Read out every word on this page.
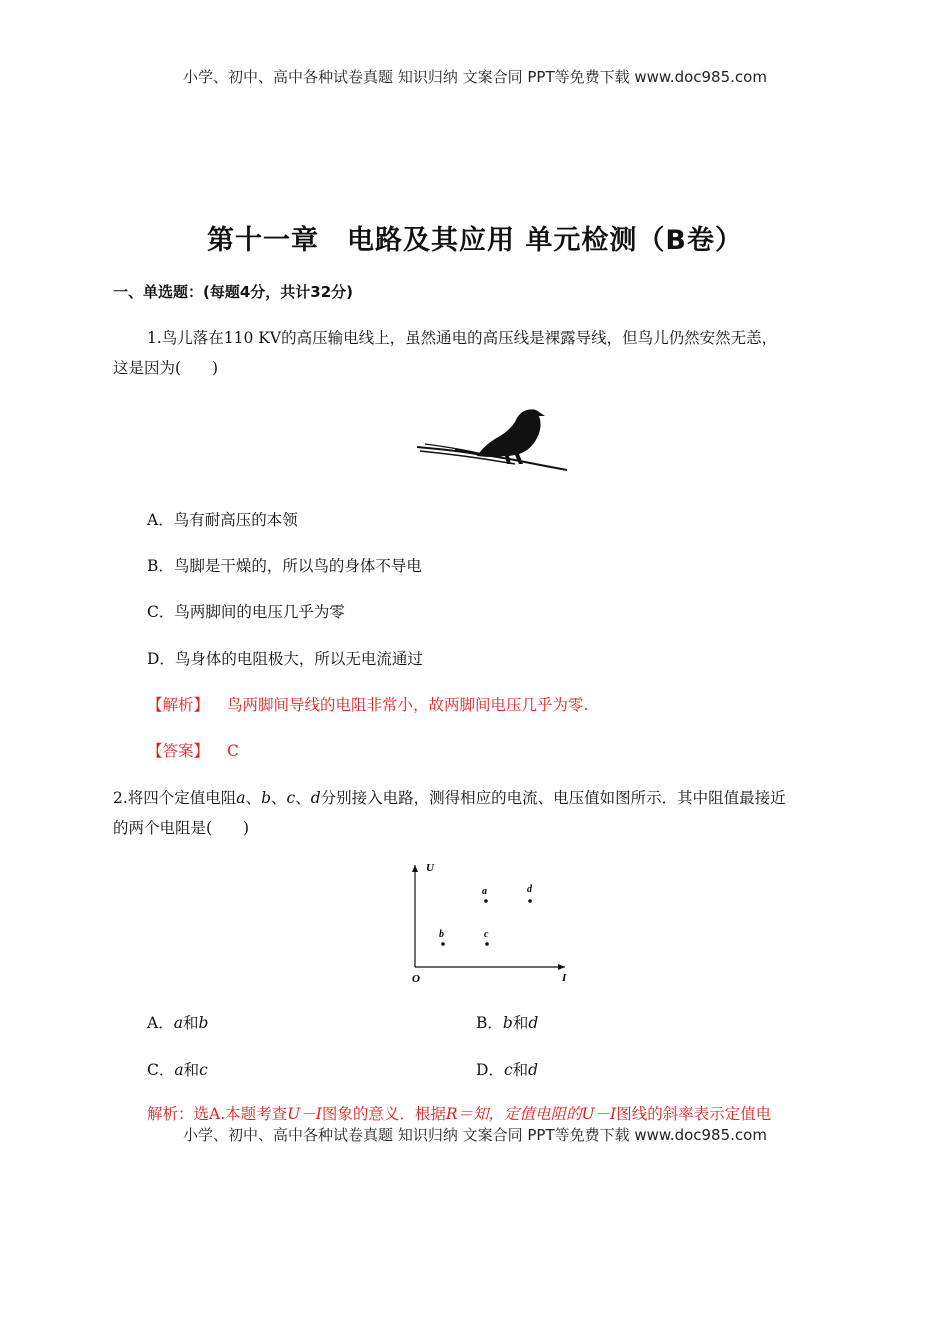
小学、初中、高中各种试卷真题 知识归纳 文案合同 PPT等免费下载 www.doc985.com
第十一章　电路及其应用 单元检测（B卷）
一、单选题：(每题4分，共计32分)
1.鸟儿落在110 KV的高压输电线上，虽然通电的高压线是裸露导线，但鸟儿仍然安然无恙，
这是因为(　　)
A．鸟有耐高压的本领
B．鸟脚是干燥的，所以鸟的身体不导电
C．鸟两脚间的电压几乎为零
D．鸟身体的电阻极大，所以无电流通过
【解析】 鸟两脚间导线的电阻非常小，故两脚间电压几乎为零.
【答案】 C
2.将四个定值电阻a、b、c、d分别接入电路，测得相应的电流、电压值如图所示．其中阻值最接近
的两个电阻是(　　)
U
I
O
a
b	c
d
A．a和b	B．b和d
C．a和c	D．c和d
解析：选A.本题考查U－I图象的意义．根据R＝知，定值电阻的U－I图线的斜率表示定值电
小学、初中、高中各种试卷真题 知识归纳 文案合同 PPT等免费下载 www.doc985.com
